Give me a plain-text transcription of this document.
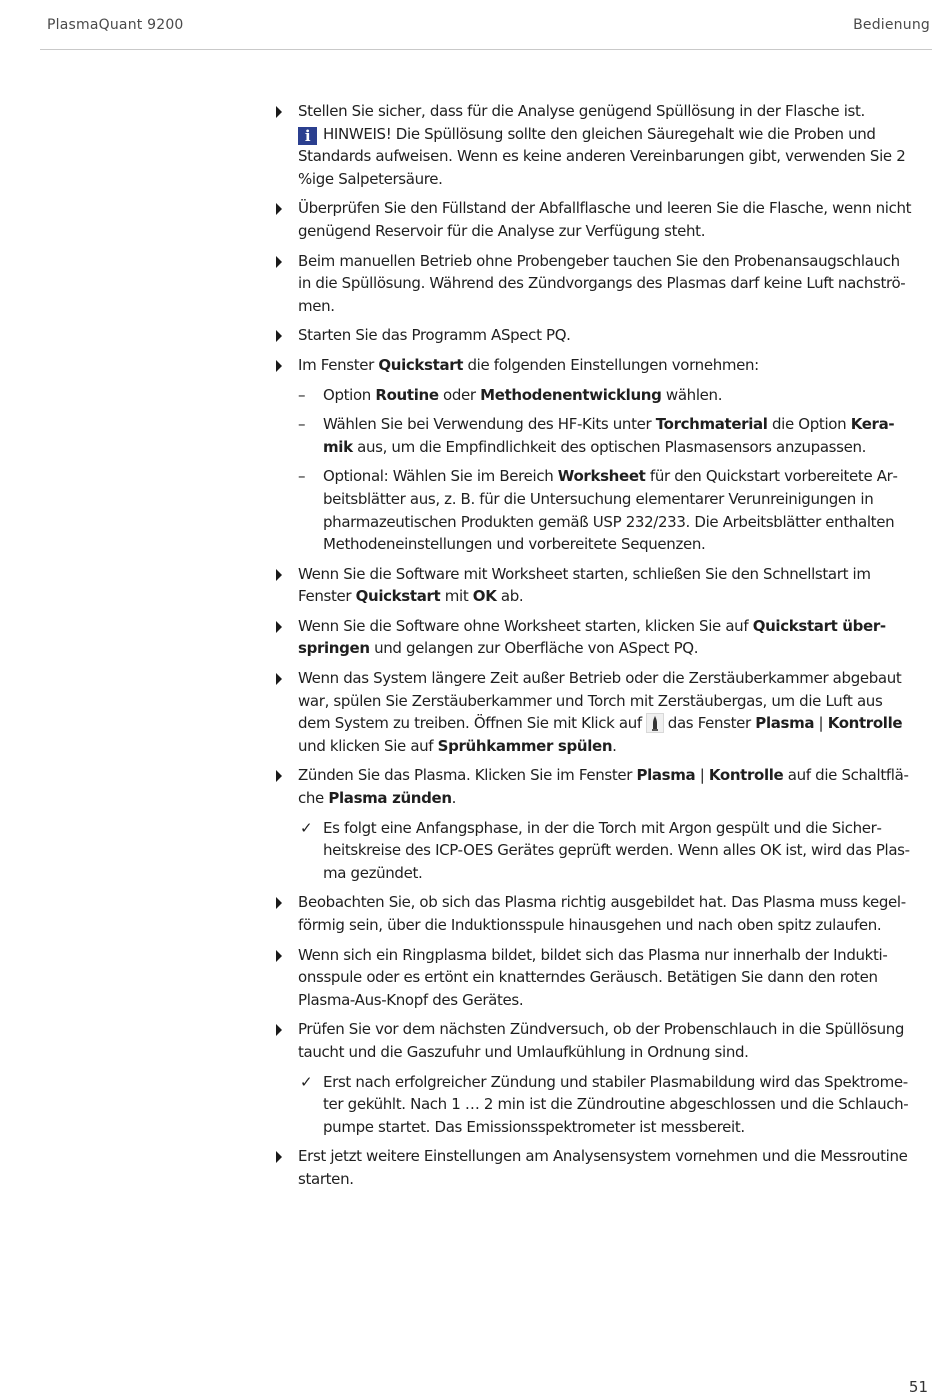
PlasmaQuant 9200	Bedienung
Stellen Sie sicher, dass für die Analyse genügend Spüllösung in der Flasche ist.
i HINWEIS! Die Spüllösung sollte den gleichen Säuregehalt wie die Proben und Standards aufweisen. Wenn es keine anderen Vereinbarungen gibt, verwenden Sie 2 %ige Salpetersäure.
Überprüfen Sie den Füllstand der Abfallflasche und leeren Sie die Flasche, wenn nicht genügend Reservoir für die Analyse zur Verfügung steht.
Beim manuellen Betrieb ohne Probengeber tauchen Sie den Probenansaugschlauch in die Spüllösung. Während des Zündvorgangs des Plasmas darf keine Luft nachströmen.
Starten Sie das Programm ASpect PQ.
Im Fenster Quickstart die folgenden Einstellungen vornehmen:
– Option Routine oder Methodenentwicklung wählen.
– Wählen Sie bei Verwendung des HF-Kits unter Torchmaterial die Option Keramik aus, um die Empfindlichkeit des optischen Plasmasensors anzupassen.
– Optional: Wählen Sie im Bereich Worksheet für den Quickstart vorbereitete Arbeitsblätter aus, z. B. für die Untersuchung elementarer Verunreinigungen in pharmazeutischen Produkten gemäß USP 232/233. Die Arbeitsblätter enthalten Methodeneinstellungen und vorbereitete Sequenzen.
Wenn Sie die Software mit Worksheet starten, schließen Sie den Schnellstart im Fenster Quickstart mit OK ab.
Wenn Sie die Software ohne Worksheet starten, klicken Sie auf Quickstart überspringen und gelangen zur Oberfläche von ASpect PQ.
Wenn das System längere Zeit außer Betrieb oder die Zerstäuberkammer abgebaut war, spülen Sie Zerstäuberkammer und Torch mit Zerstäubergas, um die Luft aus dem System zu treiben. Öffnen Sie mit Klick auf das Fenster Plasma | Kontrolle und klicken Sie auf Sprühkammer spülen.
Zünden Sie das Plasma. Klicken Sie im Fenster Plasma | Kontrolle auf die Schaltfläche Plasma zünden.
✓ Es folgt eine Anfangsphase, in der die Torch mit Argon gespült und die Sicherheitskreise des ICP-OES Gerätes geprüft werden. Wenn alles OK ist, wird das Plasma gezündet.
Beobachten Sie, ob sich das Plasma richtig ausgebildet hat. Das Plasma muss kegelförmig sein, über die Induktionsspule hinausgehen und nach oben spitz zulaufen.
Wenn sich ein Ringplasma bildet, bildet sich das Plasma nur innerhalb der Induktionsspule oder es ertönt ein knatterndes Geräusch. Betätigen Sie dann den roten Plasma-Aus-Knopf des Gerätes.
Prüfen Sie vor dem nächsten Zündversuch, ob der Probenschlauch in die Spüllösung taucht und die Gaszufuhr und Umlaufkühlung in Ordnung sind.
✓ Erst nach erfolgreicher Zündung und stabiler Plasmabildung wird das Spektrometer gekühlt. Nach 1 … 2 min ist die Zündroutine abgeschlossen und die Schlauchpumpe startet. Das Emissionsspektrometer ist messbereit.
Erst jetzt weitere Einstellungen am Analysensystem vornehmen und die Messroutine starten.
51
